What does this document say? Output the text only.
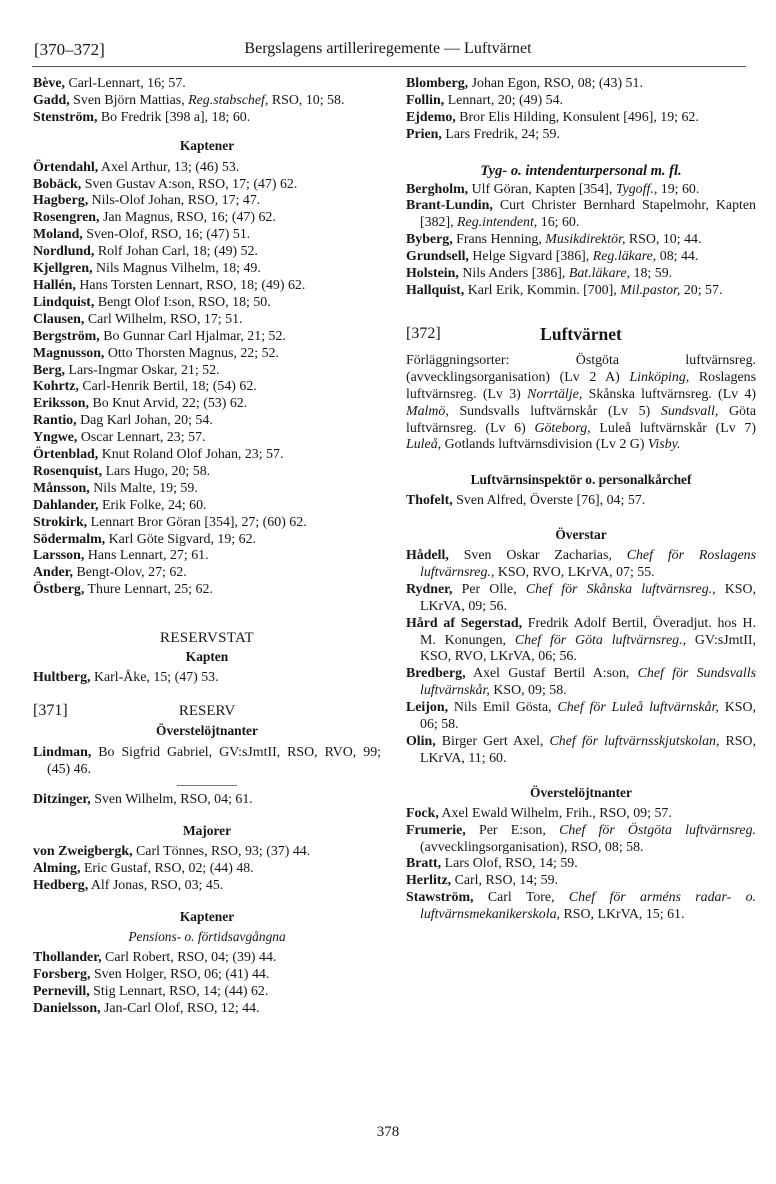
[370–372]	Bergslagens artilleriregemente — Luftvärnet
Bève, Carl-Lennart, 16; 57.
Gadd, Sven Björn Mattias, Reg.stabschef, RSO, 10; 58.
Stenström, Bo Fredrik [398 a], 18; 60.
Kaptener
Örtendahl, Axel Arthur, 13; (46) 53.
Bobäck, Sven Gustav A:son, RSO, 17; (47) 62.
Hagberg, Nils-Olof Johan, RSO, 17; 47.
Rosengren, Jan Magnus, RSO, 16; (47) 62.
Moland, Sven-Olof, RSO, 16; (47) 51.
Nordlund, Rolf Johan Carl, 18; (49) 52.
Kjellgren, Nils Magnus Vilhelm, 18; 49.
Hallén, Hans Torsten Lennart, RSO, 18; (49) 62.
Lindquist, Bengt Olof I:son, RSO, 18; 50.
Clausen, Carl Wilhelm, RSO, 17; 51.
Bergström, Bo Gunnar Carl Hjalmar, 21; 52.
Magnusson, Otto Thorsten Magnus, 22; 52.
Berg, Lars-Ingmar Oskar, 21; 52.
Kohrtz, Carl-Henrik Bertil, 18; (54) 62.
Eriksson, Bo Knut Arvid, 22; (53) 62.
Rantio, Dag Karl Johan, 20; 54.
Yngwe, Oscar Lennart, 23; 57.
Örtenblad, Knut Roland Olof Johan, 23; 57.
Rosenquist, Lars Hugo, 20; 58.
Månsson, Nils Malte, 19; 59.
Dahlander, Erik Folke, 24; 60.
Strokirk, Lennart Bror Göran [354], 27; (60) 62.
Södermalm, Karl Göte Sigvard, 19; 62.
Larsson, Hans Lennart, 27; 61.
Ander, Bengt-Olov, 27; 62.
Östberg, Thure Lennart, 25; 62.
RESERVSTAT
Kapten
Hultberg, Karl-Åke, 15; (47) 53.
[371]	RESERV
Överstelöjtnanter
Lindman, Bo Sigfrid Gabriel, GV:sJmtII, RSO, RVO, 99; (45) 46.
Ditzinger, Sven Wilhelm, RSO, 04; 61.
Majorer
von Zweigbergk, Carl Tönnes, RSO, 93; (37) 44.
Alming, Eric Gustaf, RSO, 02; (44) 48.
Hedberg, Alf Jonas, RSO, 03; 45.
Kaptener
Pensions- o. förtidsavgångna
Thollander, Carl Robert, RSO, 04; (39) 44.
Forsberg, Sven Holger, RSO, 06; (41) 44.
Pernevill, Stig Lennart, RSO, 14; (44) 62.
Danielsson, Jan-Carl Olof, RSO, 12; 44.
Blomberg, Johan Egon, RSO, 08; (43) 51.
Follin, Lennart, 20; (49) 54.
Ejdemo, Bror Elis Hilding, Konsulent [496], 19; 62.
Prien, Lars Fredrik, 24; 59.
Tyg- o. intendenturpersonal m. fl.
Bergholm, Ulf Göran, Kapten [354], Tygoff., 19; 60.
Brant-Lundin, Curt Christer Bernhard Stapelmohr, Kapten [382], Reg.intendent, 16; 60.
Byberg, Frans Henning, Musikdirektör, RSO, 10; 44.
Grundsell, Helge Sigvard [386], Reg.läkare, 08; 44.
Holstein, Nils Anders [386], Bat.läkare, 18; 59.
Hallquist, Karl Erik, Kommin. [700], Mil.pastor, 20; 57.
[372]	Luftvärnet
Förläggningsorter: Östgöta luftvärnsreg. (avvecklingsorganisation) (Lv 2 A) Linköping, Roslagens luftvärnsreg. (Lv 3) Norrtälje, Skånska luftvärnsreg. (Lv 4) Malmö, Sundsvalls luftvärnskår (Lv 5) Sundsvall, Göta luftvärnsreg. (Lv 6) Göteborg, Luleå luftvärnskår (Lv 7) Luleå, Gotlands luftvärnsdivision (Lv 2 G) Visby.
Luftvärnsinspektör o. personalkårchef
Thofelt, Sven Alfred, Överste [76], 04; 57.
Överstar
Hådell, Sven Oskar Zacharias, Chef för Roslagens luftvärnsreg., KSO, RVO, LKrVA, 07; 55.
Rydner, Per Olle, Chef för Skånska luftvärnsreg., KSO, LKrVA, 09; 56.
Hård af Segerstad, Fredrik Adolf Bertil, Överadjut. hos H. M. Konungen, Chef för Göta luftvärnsreg., GV:sJmtII, KSO, RVO, LKrVA, 06; 56.
Bredberg, Axel Gustaf Bertil A:son, Chef för Sundsvalls luftvärnskår, KSO, 09; 58.
Leijon, Nils Emil Gösta, Chef för Luleå luftvärnskår, KSO, 06; 58.
Olin, Birger Gert Axel, Chef för luftvärnsskjutskolan, RSO, LKrVA, 11; 60.
Överstelöjtnanter
Fock, Axel Ewald Wilhelm, Frih., RSO, 09; 57.
Frumerie, Per E:son, Chef för Östgöta luftvärnsreg. (avvecklingsorganisation), RSO, 08; 58.
Bratt, Lars Olof, RSO, 14; 59.
Herlitz, Carl, RSO, 14; 59.
Stawström, Carl Tore, Chef för arméns radar- o. luftvärnsmekanikerskola, RSO, LKrVA, 15; 61.
378
